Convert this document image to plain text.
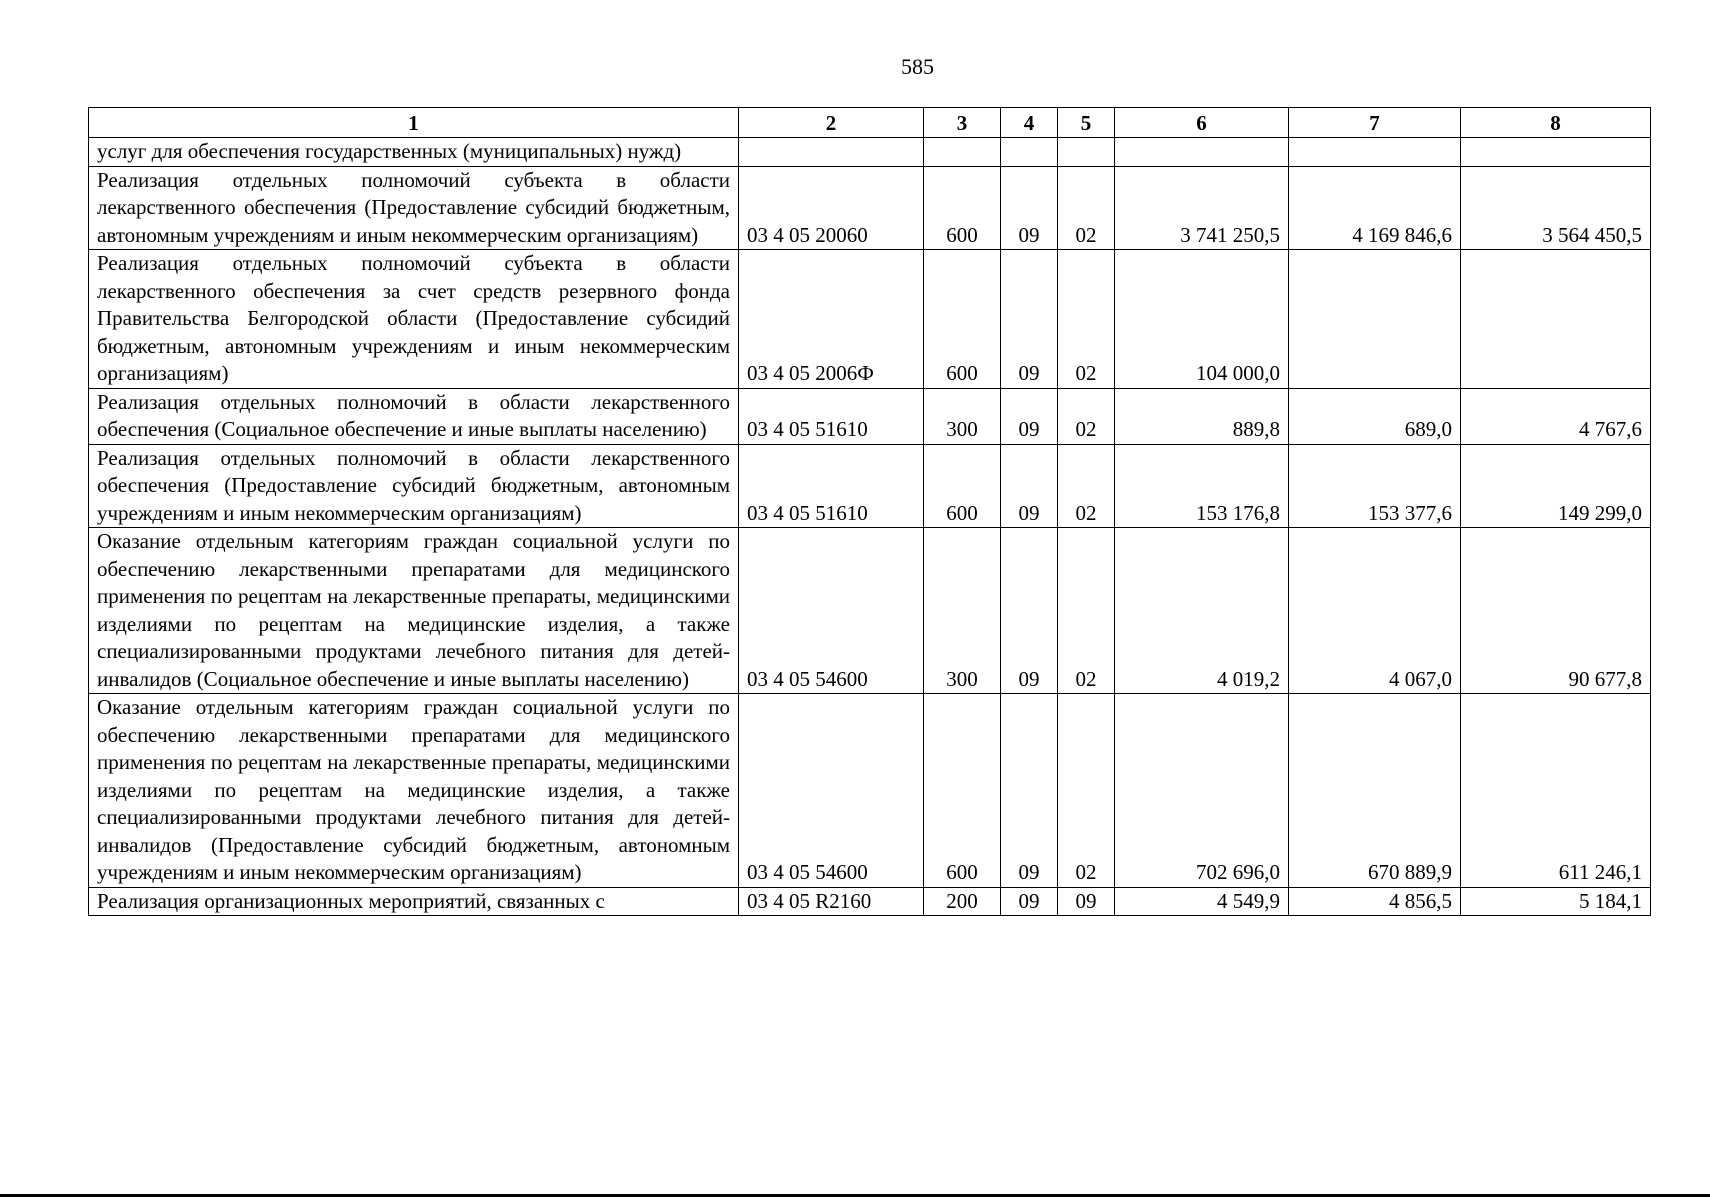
585
1	2	3	4	5	6	7	8
услуг для обеспечения государственных (муниципальных) нужд)							
Реализация отдельных полномочий субъекта в области лекарственного обеспечения (Предоставление субсидий бюджетным, автономным учреждениям и иным некоммерческим организациям)	03 4 05 20060	600	09	02	3 741 250,5	4 169 846,6	3 564 450,5
Реализация отдельных полномочий субъекта в области лекарственного обеспечения за счет средств резервного фонда Правительства Белгородской области (Предоставление субсидий бюджетным, автономным учреждениям и иным некоммерческим организациям)	03 4 05 2006Ф	600	09	02	104 000,0		
Реализация отдельных полномочий в области лекарственного обеспечения (Социальное обеспечение и иные выплаты населению)	03 4 05 51610	300	09	02	889,8	689,0	4 767,6
Реализация отдельных полномочий в области лекарственного обеспечения (Предоставление субсидий бюджетным, автономным учреждениям и иным некоммерческим организациям)	03 4 05 51610	600	09	02	153 176,8	153 377,6	149 299,0
Оказание отдельным категориям граждан социальной услуги по обеспечению лекарственными препаратами для медицинского применения по рецептам на лекарственные препараты, медицинскими изделиями по рецептам на медицинские изделия, а также специализированными продуктами лечебного питания для детей-инвалидов (Социальное обеспечение и иные выплаты населению)	03 4 05 54600	300	09	02	4 019,2	4 067,0	90 677,8
Оказание отдельным категориям граждан социальной услуги по обеспечению лекарственными препаратами для медицинского применения по рецептам на лекарственные препараты, медицинскими изделиями по рецептам на медицинские изделия, а также специализированными продуктами лечебного питания для детей-инвалидов (Предоставление субсидий бюджетным, автономным учреждениям и иным некоммерческим организациям)	03 4 05 54600	600	09	02	702 696,0	670 889,9	611 246,1
Реализация организационных мероприятий, связанных с	03 4 05 R2160	200	09	09	4 549,9	4 856,5	5 184,1
